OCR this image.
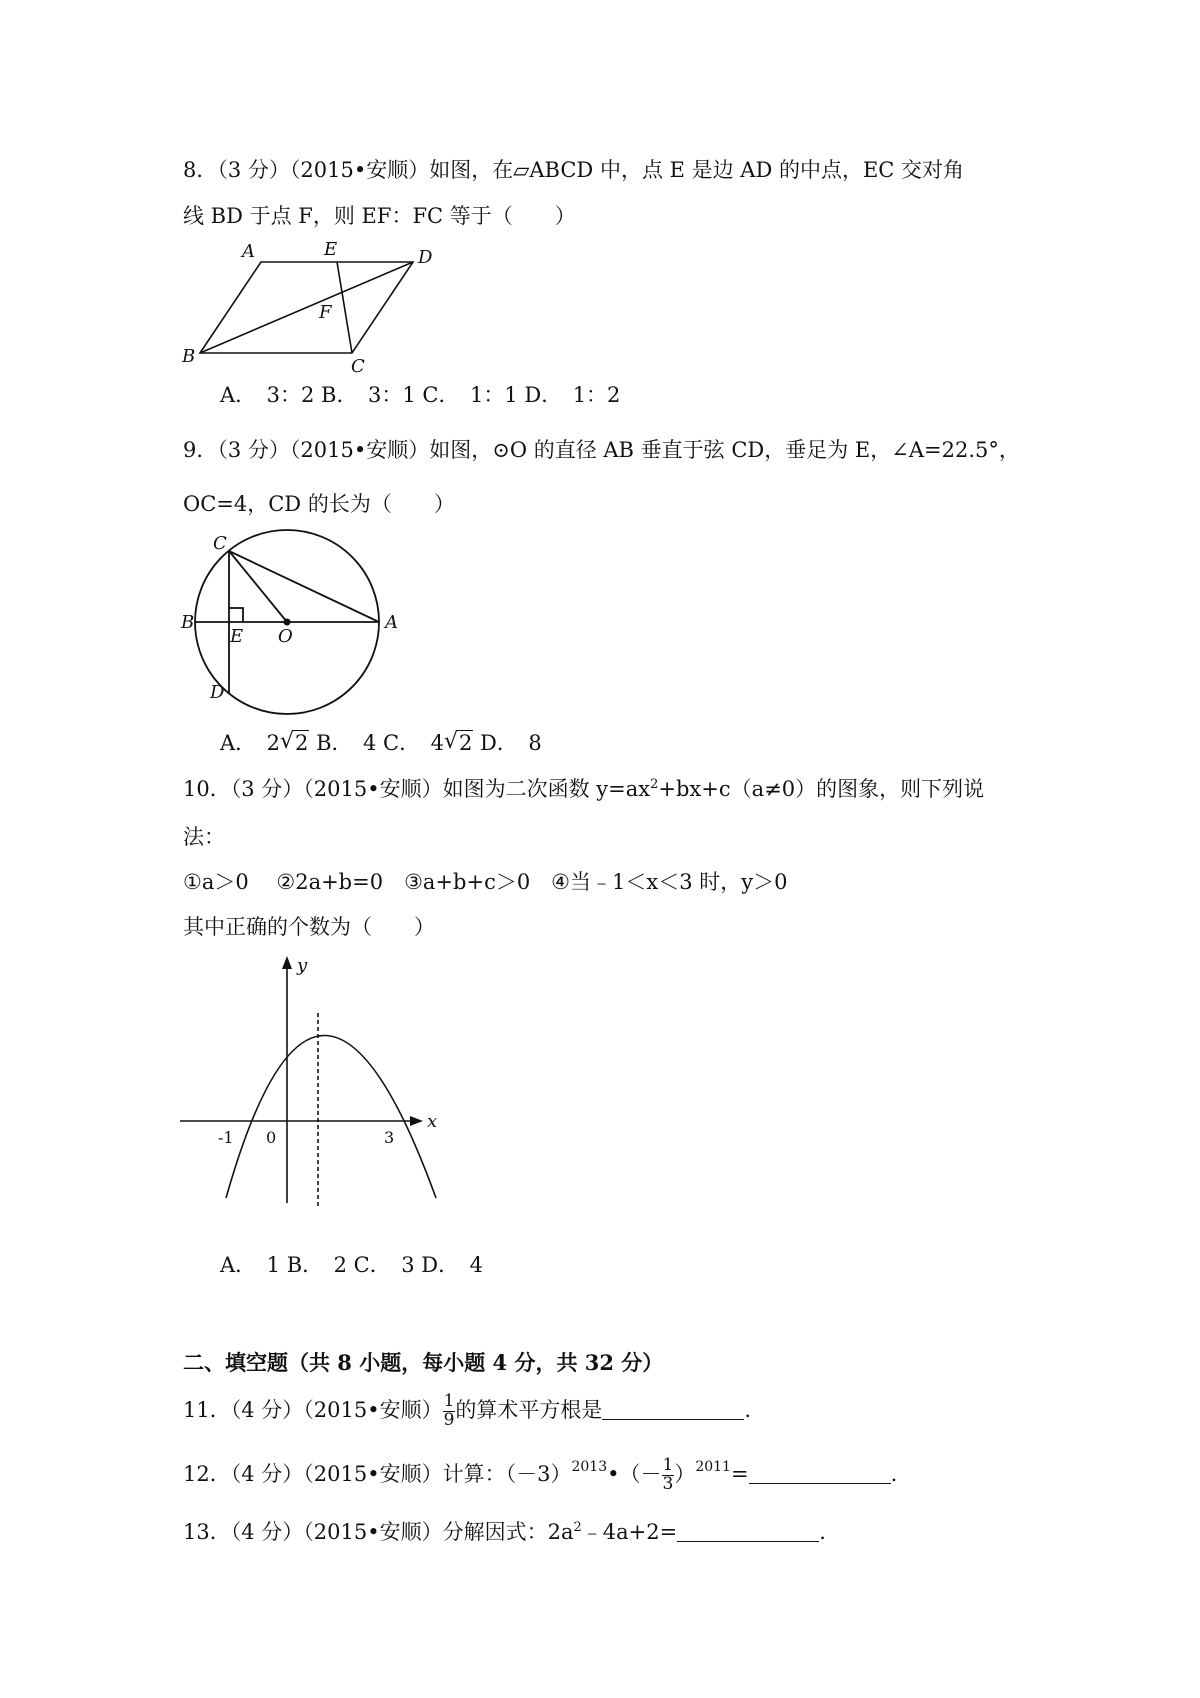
8．（3 分）（2015•安顺）如图，在▱ABCD 中，点 E 是边 AD 的中点，EC 交对角
线 BD 于点 F，则 EF：FC 等于（　　）
A	E	D
F
B	C
A．　3：2 B．　3：1 C．　1：1 D．　1：2
9．（3 分）（2015•安顺）如图，⊙O 的直径 AB 垂直于弦 CD，垂足为 E，∠A=22.5°，
OC=4，CD 的长为（　　）
C
B
E O
A
D
A．　2 √ 2 B．　4 C．　4 √ 2 D．　8
10．（3 分）（2015•安顺）如图为二次函数 $y=ax^2+bx+c(a\ne 0)$的图象，则下列说
法：
①a＞0　 ②2a+b=0　③a+b+c＞0　④当﹣1＜x＜3 时，y＞0
其中正确的个数为（　　）
y
x
-1 0	3
A．　1 B．　2 C．　3 D．　4
二、填空题（共 8 小题，每小题 4 分，共 32 分）
11．（4 分）（2015•安顺） $\frac{1}{9}$ 的算术平方根是	.
12．（4 分）（2015•安顺）计算：$(-3)^{2013}•(- \frac{1}{3} )^{2011}=$	.
13．（4 分）（2015•安顺）分解因式：$2a^2﹣4a+2=$	.
